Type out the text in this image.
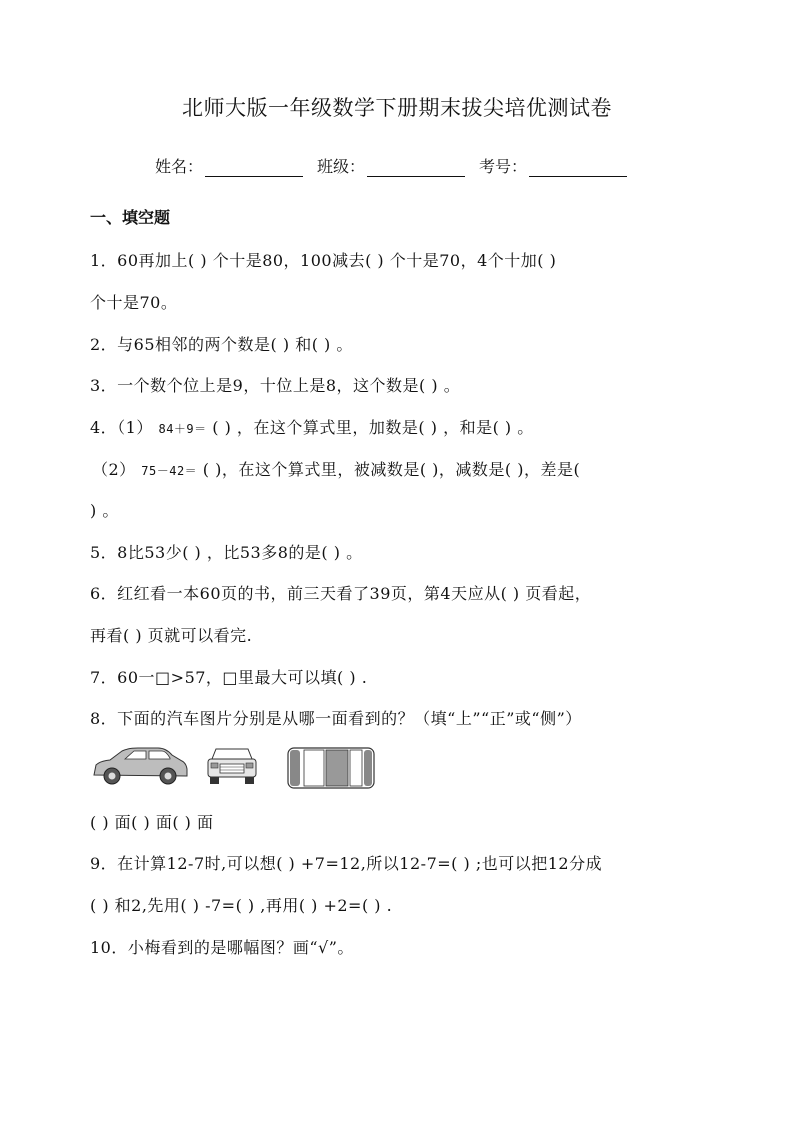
北师大版一年级数学下册期末拔尖培优测试卷
姓名：	班级：	考号：
一、填空题
1．60再加上( ) 个十是80，100减去( ) 个十是70，4个十加( )
个十是70。
2．与65相邻的两个数是( ) 和( ) 。
3．一个数个位上是9，十位上是8，这个数是( ) 。
4．（1） 84＋9＝ ( ) ，在这个算式里，加数是( ) ，和是( ) 。
（2） 75－42＝ ( )，在这个算式里，被减数是( )，减数是( )，差是(
) 。
5．8比53少( ) ，比53多8的是( ) 。
6．红红看一本60页的书，前三天看了39页，第4天应从( ) 页看起，
再看( ) 页就可以看完.
7．60一□>57，□里最大可以填( ) .
8．下面的汽车图片分别是从哪一面看到的？（填“上”“正”或“侧”）
( ) 面( ) 面( ) 面
9．在计算12-7时,可以想( ) +7=12,所以12-7=( ) ;也可以把12分成
( ) 和2,先用( ) -7=( ) ,再用( ) +2=( ) .
10．小梅看到的是哪幅图？画“√”。
